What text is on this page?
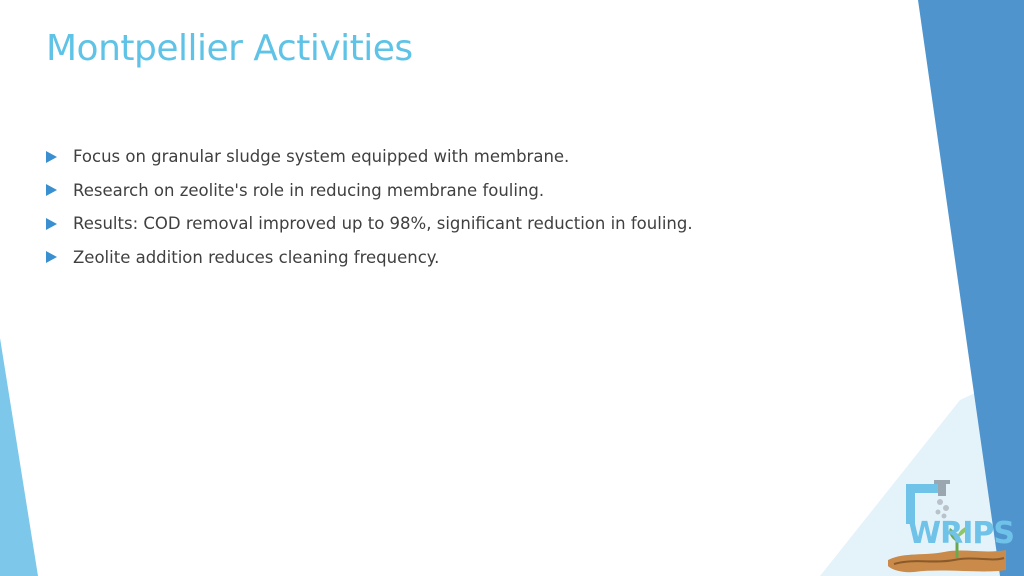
Montpellier Activities
Focus on granular sludge system equipped with membrane.
Research on zeolite's role in reducing membrane fouling.
Results: COD removal improved up to 98%, significant reduction in fouling.
Zeolite addition reduces cleaning frequency.
WRIPS
